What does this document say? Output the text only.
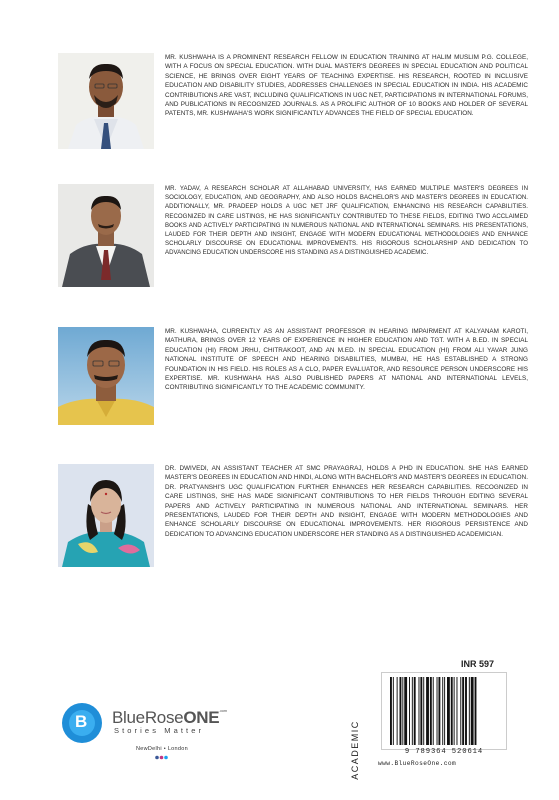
MR. KUSHWAHA IS A PROMINENT RESEARCH FELLOW IN EDUCATION TRAINING AT HALIM MUSLIM P.G. COLLEGE, WITH A FOCUS ON SPECIAL EDUCATION. WITH DUAL MASTER'S DEGREES IN SPECIAL EDUCATION AND POLITICAL SCIENCE, HE BRINGS OVER EIGHT YEARS OF TEACHING EXPERTISE. HIS RESEARCH, ROOTED IN INCLUSIVE EDUCATION AND DISABILITY STUDIES, ADDRESSES CHALLENGES IN SPECIAL EDUCATION IN INDIA. HIS ACADEMIC CONTRIBUTIONS ARE VAST, INCLUDING QUALIFICATIONS IN UGC NET, PARTICIPATIONS IN INTERNATIONAL FORUMS, AND PUBLICATIONS IN RECOGNIZED JOURNALS. AS A PROLIFIC AUTHOR OF 10 BOOKS AND HOLDER OF SEVERAL PATENTS, MR. KUSHWAHA'S WORK SIGNIFICANTLY ADVANCES THE FIELD OF SPECIAL EDUCATION.
MR. YADAV, A RESEARCH SCHOLAR AT ALLAHABAD UNIVERSITY, HAS EARNED MULTIPLE MASTER'S DEGREES IN SOCIOLOGY, EDUCATION, AND GEOGRAPHY, AND ALSO HOLDS BACHELOR'S AND MASTER'S DEGREES IN EDUCATION. ADDITIONALLY, MR. PRADEEP HOLDS A UGC NET JRF QUALIFICATION, ENHANCING HIS RESEARCH CAPABILITIES. RECOGNIZED IN CARE LISTINGS, HE HAS SIGNIFICANTLY CONTRIBUTED TO THESE FIELDS, EDITING TWO ACCLAIMED BOOKS AND ACTIVELY PARTICIPATING IN NUMEROUS NATIONAL AND INTERNATIONAL SEMINARS. HIS PRESENTATIONS, LAUDED FOR THEIR DEPTH AND INSIGHT, ENGAGE WITH MODERN EDUCATIONAL METHODOLOGIES AND ENHANCE SCHOLARLY DISCOURSE ON EDUCATIONAL IMPROVEMENTS. HIS RIGOROUS SCHOLARSHIP AND DEDICATION TO ADVANCING EDUCATION UNDERSCORE HIS STANDING AS A DISTINGUISHED ACADEMIC.
MR. KUSHWAHA, CURRENTLY AS AN ASSISTANT PROFESSOR IN HEARING IMPAIRMENT AT KALYANAM KAROTI, MATHURA, BRINGS OVER 12 YEARS OF EXPERIENCE IN HIGHER EDUCATION AND TGT. WITH A B.ED. IN SPECIAL EDUCATION (HI) FROM JRHU, CHITRAKOOT, AND AN M.ED. IN SPECIAL EDUCATION (HI) FROM ALI YAVAR JUNG NATIONAL INSTITUTE OF SPEECH AND HEARING DISABILITIES, MUMBAI, HE HAS ESTABLISHED A STRONG FOUNDATION IN HIS FIELD. HIS ROLES AS A CLO, PAPER EVALUATOR, AND RESOURCE PERSON UNDERSCORE HIS EXPERTISE. MR. KUSHWAHA HAS ALSO PUBLISHED PAPERS AT NATIONAL AND INTERNATIONAL LEVELS, CONTRIBUTING SIGNIFICANTLY TO THE ACADEMIC COMMUNITY.
DR. DWIVEDI, AN ASSISTANT TEACHER AT SMC PRAYAGRAJ, HOLDS A PHD IN EDUCATION. SHE HAS EARNED MASTER'S DEGREES IN EDUCATION AND HINDI, ALONG WITH BACHELOR'S AND MASTER'S DEGREES IN EDUCATION. DR. PRATYANSHI'S UGC QUALIFICATION FURTHER ENHANCES HER RESEARCH CAPABILITIES. RECOGNIZED IN CARE LISTINGS, SHE HAS MADE SIGNIFICANT CONTRIBUTIONS TO HER FIELDS THROUGH EDITING SEVERAL PAPERS AND ACTIVELY PARTICIPATING IN NUMEROUS NATIONAL AND INTERNATIONAL SEMINARS. HER PRESENTATIONS, LAUDED FOR THEIR DEPTH AND INSIGHT, ENGAGE WITH MODERN METHODOLOGIES AND ENHANCE SCHOLARLY DISCOURSE ON EDUCATIONAL IMPROVEMENTS. HER RIGOROUS PERSISTENCE AND DEDICATION TO ADVANCING EDUCATION UNDERSCORE HER STANDING AS A DISTINGUISHED ACADEMICIAN.
B BlueRoseONE$^{.com}$
Stories Matter
NewDelhi • London
INR 597
ACADEMIC	9 789364 520614
www.BlueRoseOne.com
